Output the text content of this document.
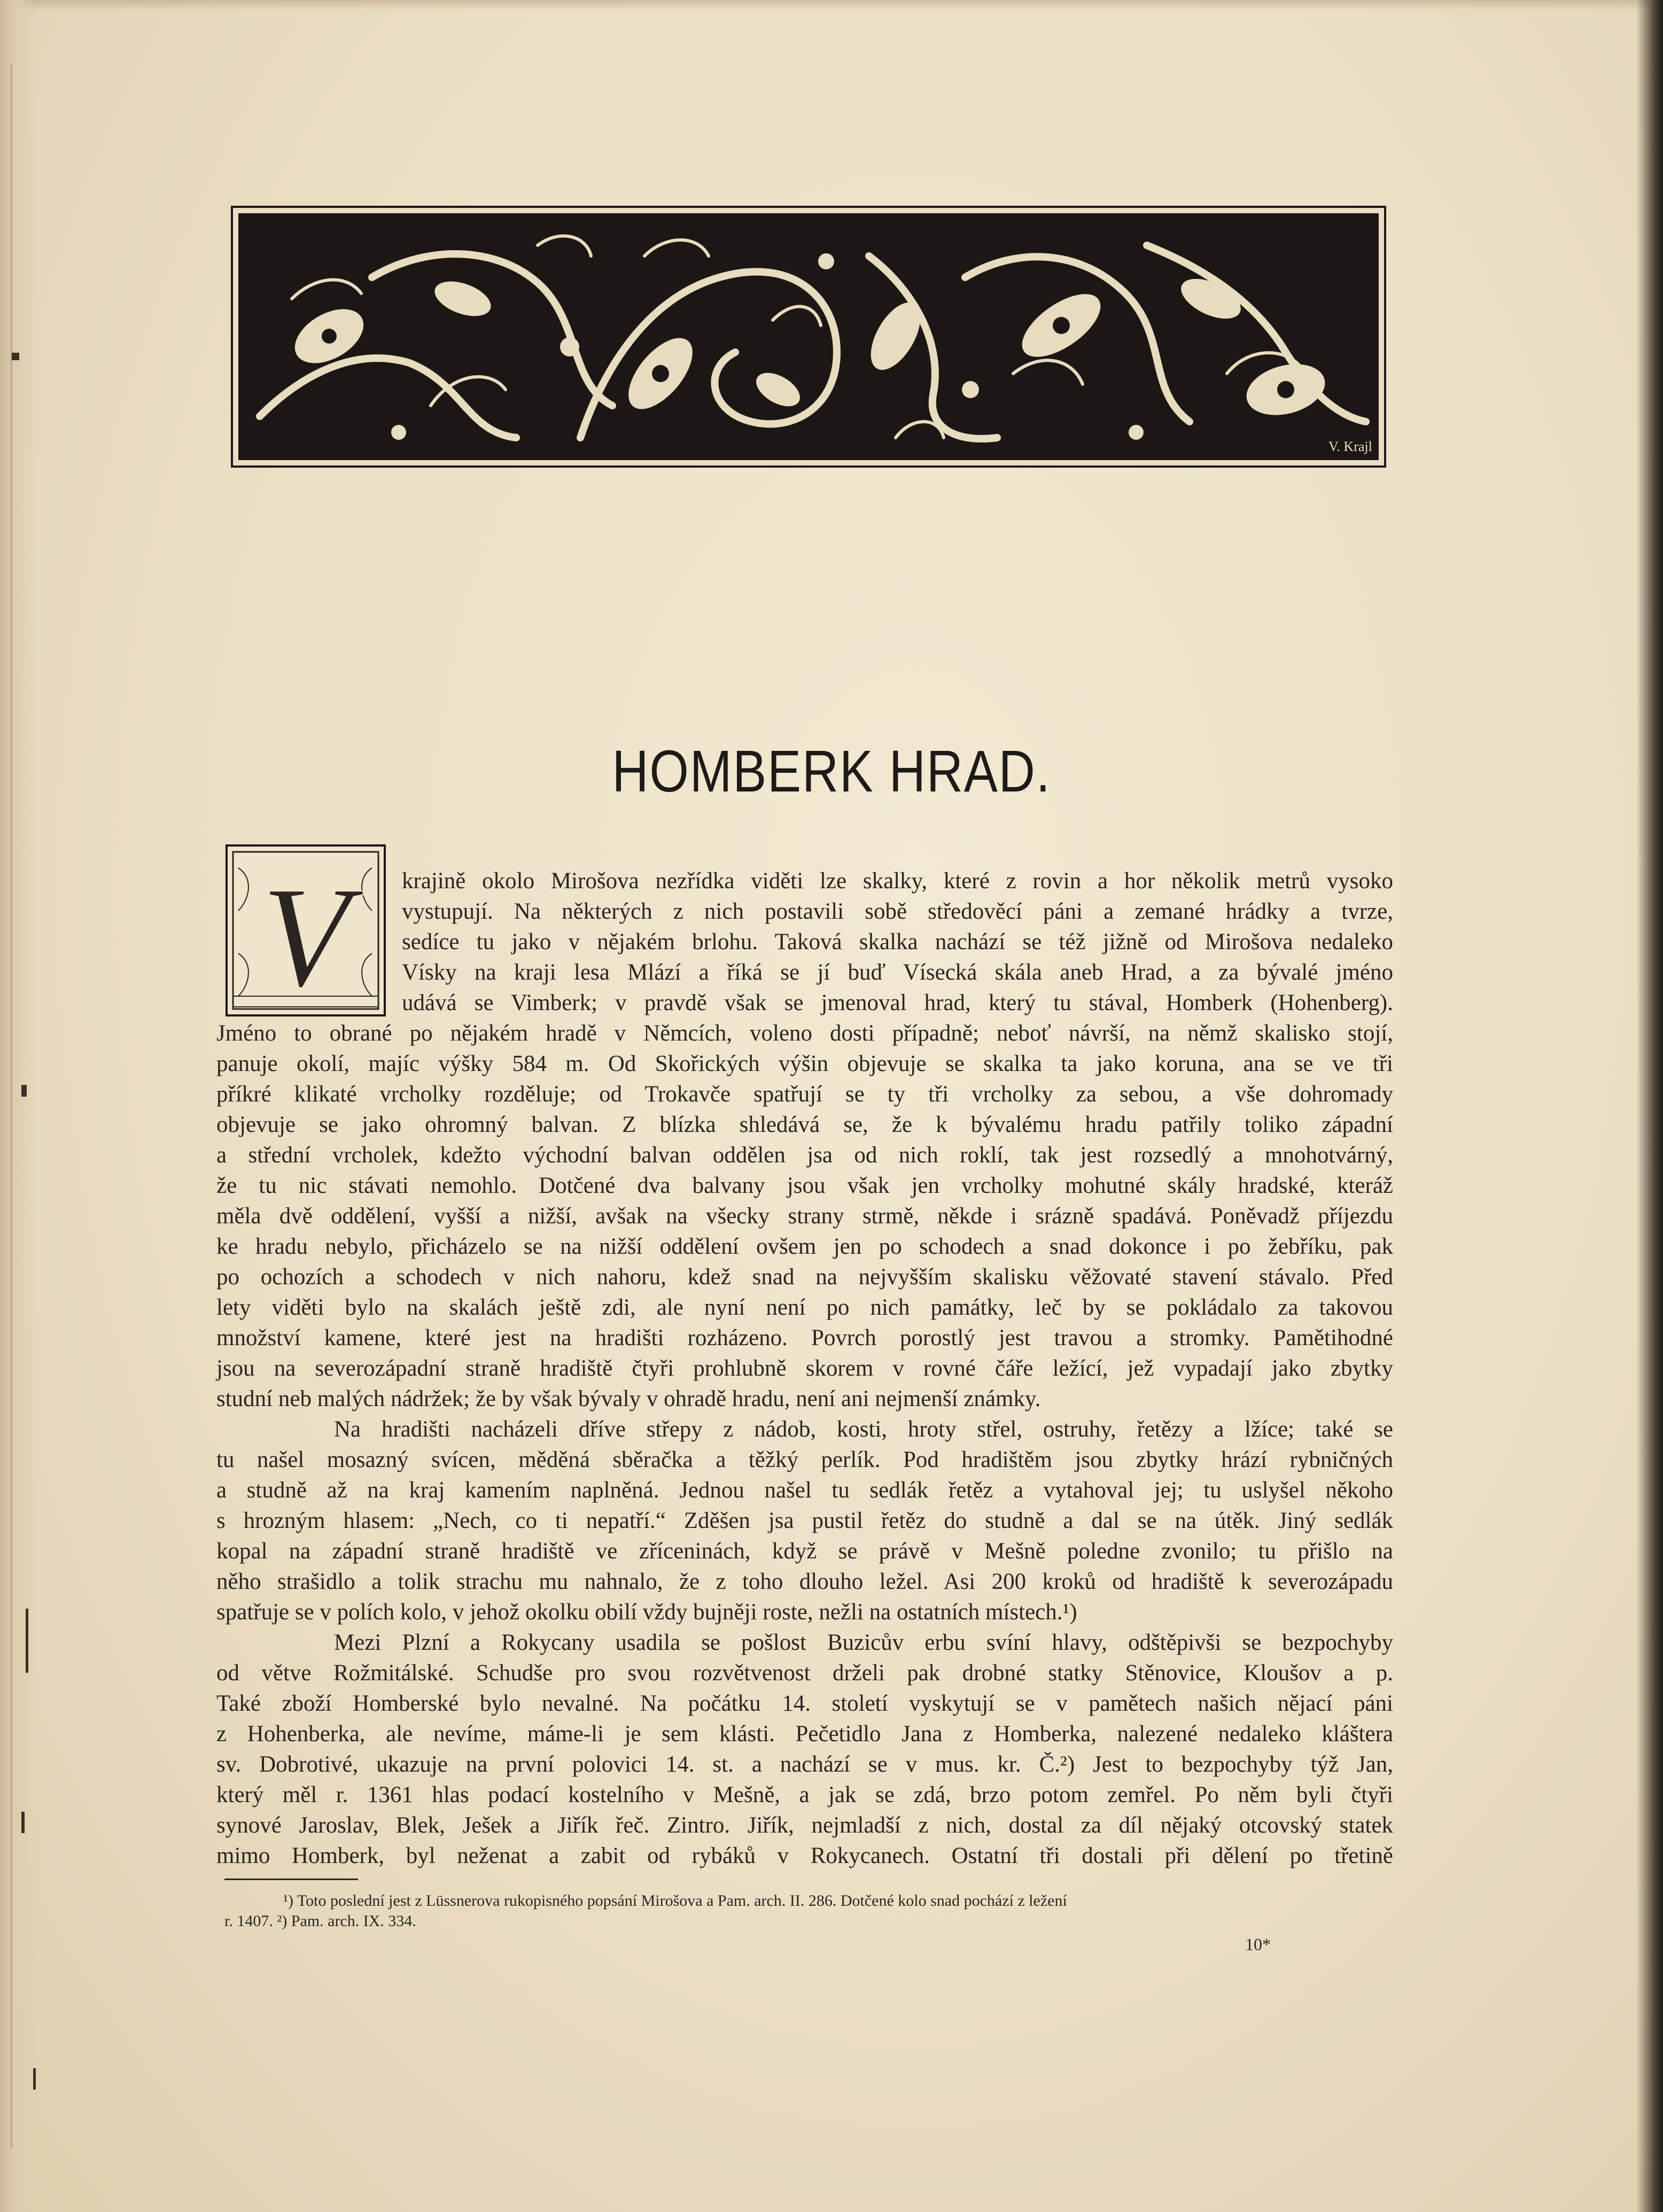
V. Krajl
HOMBERK HRAD.
V	krajině okolo Mirošova nezřídka viděti lze skalky, které z rovin a hor několik metrů vysoko
vystupují. Na některých z nich postavili sobě středověcí páni a zemané hrádky a tvrze,
sedíce tu jako v nějakém brlohu. Taková skalka nachází se též jižně od Mirošova nedaleko
Vísky na kraji lesa Mlází a říká se jí buď Vísecká skála aneb Hrad, a za bývalé jméno
udává se Vimberk; v pravdě však se jmenoval hrad, který tu stával, Homberk (Hohenberg).
Jméno to obrané po nějakém hradě v Němcích, voleno dosti případně; neboť návrší, na němž skalisko stojí,
panuje okolí, majíc výšky 584 m. Od Skořických výšin objevuje se skalka ta jako koruna, ana se ve tři
příkré klikaté vrcholky rozděluje; od Trokavče spatřují se ty tři vrcholky za sebou, a vše dohromady
objevuje se jako ohromný balvan. Z blízka shledává se, že k bývalému hradu patřily toliko západní
a střední vrcholek, kdežto východní balvan oddělen jsa od nich roklí, tak jest rozsedlý a mnohotvárný,
že tu nic stávati nemohlo. Dotčené dva balvany jsou však jen vrcholky mohutné skály hradské, kteráž
měla dvě oddělení, vyšší a nižší, avšak na všecky strany strmě, někde i srázně spadává. Poněvadž příjezdu
ke hradu nebylo, přicházelo se na nižší oddělení ovšem jen po schodech a snad dokonce i po žebříku, pak
po ochozích a schodech v nich nahoru, kdež snad na nejvyšším skalisku věžovaté stavení stávalo. Před
lety viděti bylo na skalách ještě zdi, ale nyní není po nich památky, leč by se pokládalo za takovou
množství kamene, které jest na hradišti rozházeno. Povrch porostlý jest travou a stromky. Pamětihodné
jsou na severozápadní straně hradiště čtyři prohlubně skorem v rovné čáře ležící, jež vypadají jako zbytky
studní neb malých nádržek; že by však bývaly v ohradě hradu, není ani nejmenší známky.
Na hradišti nacházeli dříve střepy z nádob, kosti, hroty střel, ostruhy, řetězy a lžíce; také se
tu našel mosazný svícen, měděná sběračka a těžký perlík. Pod hradištěm jsou zbytky hrází rybničných
a studně až na kraj kamením naplněná. Jednou našel tu sedlák řetěz a vytahoval jej; tu uslyšel někoho
s hrozným hlasem: „Nech, co ti nepatří.“ Zděšen jsa pustil řetěz do studně a dal se na útěk. Jiný sedlák
kopal na západní straně hradiště ve zříceninách, když se právě v Mešně poledne zvonilo; tu přišlo na
něho strašidlo a tolik strachu mu nahnalo, že z toho dlouho ležel. Asi 200 kroků od hradiště k severozápadu
spatřuje se v polích kolo, v jehož okolku obilí vždy bujněji roste, nežli na ostatních místech.¹)
Mezi Plzní a Rokycany usadila se pošlost Buzicův erbu svíní hlavy, odštěpivši se bezpochyby
od větve Rožmitálské. Schudše pro svou rozvětvenost drželi pak drobné statky Stěnovice, Kloušov a p.
Také zboží Homberské bylo nevalné. Na počátku 14. století vyskytují se v pamětech našich nějací páni
z Hohenberka, ale nevíme, máme-li je sem klásti. Pečetidlo Jana z Homberka, nalezené nedaleko kláštera
sv. Dobrotivé, ukazuje na první polovici 14. st. a nachází se v mus. kr. Č.²) Jest to bezpochyby týž Jan,
který měl r. 1361 hlas podací kostelního v Mešně, a jak se zdá, brzo potom zemřel. Po něm byli čtyři
synové Jaroslav, Blek, Ješek a Jiřík řeč. Zintro. Jiřík, nejmladší z nich, dostal za díl nějaký otcovský statek
mimo Homberk, byl neženat a zabit od rybáků v Rokycanech. Ostatní tři dostali při dělení po třetině
¹) Toto poslední jest z Lüssnerova rukopisného popsání Mirošova a Pam. arch. II. 286. Dotčené kolo snad pochází z ležení
r. 1407. ²) Pam. arch. IX. 334.
10*
